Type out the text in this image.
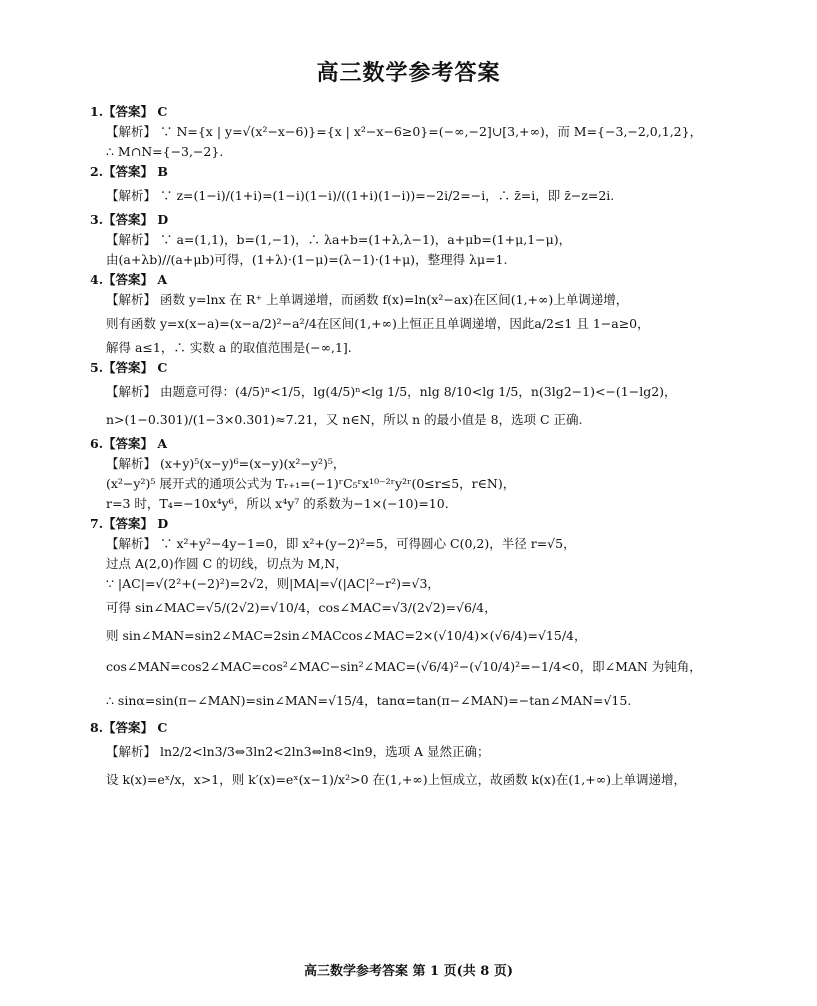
高三数学参考答案

1.【答案】 C

【解析】 ∵ N={x | y=√(x²−x−6)}={x | x²−x−6≥0}=(−∞,−2]∪[3,+∞)，而 M={−3,−2,0,1,2}，

∴ M∩N={−3,−2}.

2.【答案】 B

【解析】 ∵ z=(1−i)/(1+i)=(1−i)(1−i)/((1+i)(1−i))=−2i/2=−i，∴ z̄=i，即 z̄−z=2i.

3.【答案】 D

【解析】 ∵ a=(1,1)，b=(1,−1)，∴ λa+b=(1+λ,λ−1)，a+μb=(1+μ,1−μ)，

由(a+λb)//(a+μb)可得，(1+λ)·(1−μ)=(λ−1)·(1+μ)，整理得 λμ=1.

4.【答案】 A

【解析】 函数 y=lnx 在 R⁺ 上单调递增，而函数 f(x)=ln(x²−ax)在区间(1,+∞)上单调递增，

则有函数 y=x(x−a)=(x−a/2)²−a²/4在区间(1,+∞)上恒正且单调递增，因此a/2≤1 且 1−a≥0，

解得 a≤1，∴ 实数 a 的取值范围是(−∞,1].

5.【答案】 C

【解析】 由题意可得：(4/5)ⁿ<1/5，lg(4/5)ⁿ<lg 1/5，nlg 8/10<lg 1/5，n(3lg2−1)<−(1−lg2)，

n>(1−0.301)/(1−3×0.301)≈7.21，又 n∈N，所以 n 的最小值是 8，选项 C 正确.

6.【答案】 A

【解析】 (x+y)⁵(x−y)⁶=(x−y)(x²−y²)⁵，

(x²−y²)⁵ 展开式的通项公式为 Tᵣ₊₁=(−1)ʳC₅ʳx¹⁰⁻²ʳy²ʳ(0≤r≤5，r∈N)，

r=3 时，T₄=−10x⁴y⁶，所以 x⁴y⁷ 的系数为−1×(−10)=10.

7.【答案】 D

【解析】 ∵ x²+y²−4y−1=0，即 x²+(y−2)²=5，可得圆心 C(0,2)，半径 r=√5，

过点 A(2,0)作圆 C 的切线，切点为 M,N，

∵ |AC|=√(2²+(−2)²)=2√2，则|MA|=√(|AC|²−r²)=√3，

可得 sin∠MAC=√5/(2√2)=√10/4，cos∠MAC=√3/(2√2)=√6/4，

则 sin∠MAN=sin2∠MAC=2sin∠MACcos∠MAC=2×(√10/4)×(√6/4)=√15/4，

cos∠MAN=cos2∠MAC=cos²∠MAC−sin²∠MAC=(√6/4)²−(√10/4)²=−1/4<0，即∠MAN 为钝角，

∴ sinα=sin(π−∠MAN)=sin∠MAN=√15/4，tanα=tan(π−∠MAN)=−tan∠MAN=√15.

8.【答案】 C

【解析】 ln2/2<ln3/3⇔3ln2<2ln3⇔ln8<ln9，选项 A 显然正确；

设 k(x)=eˣ/x，x>1，则 k′(x)=eˣ(x−1)/x²>0 在(1,+∞)上恒成立，故函数 k(x)在(1,+∞)上单调递增，

高三数学参考答案 第 1 页(共 8 页)
